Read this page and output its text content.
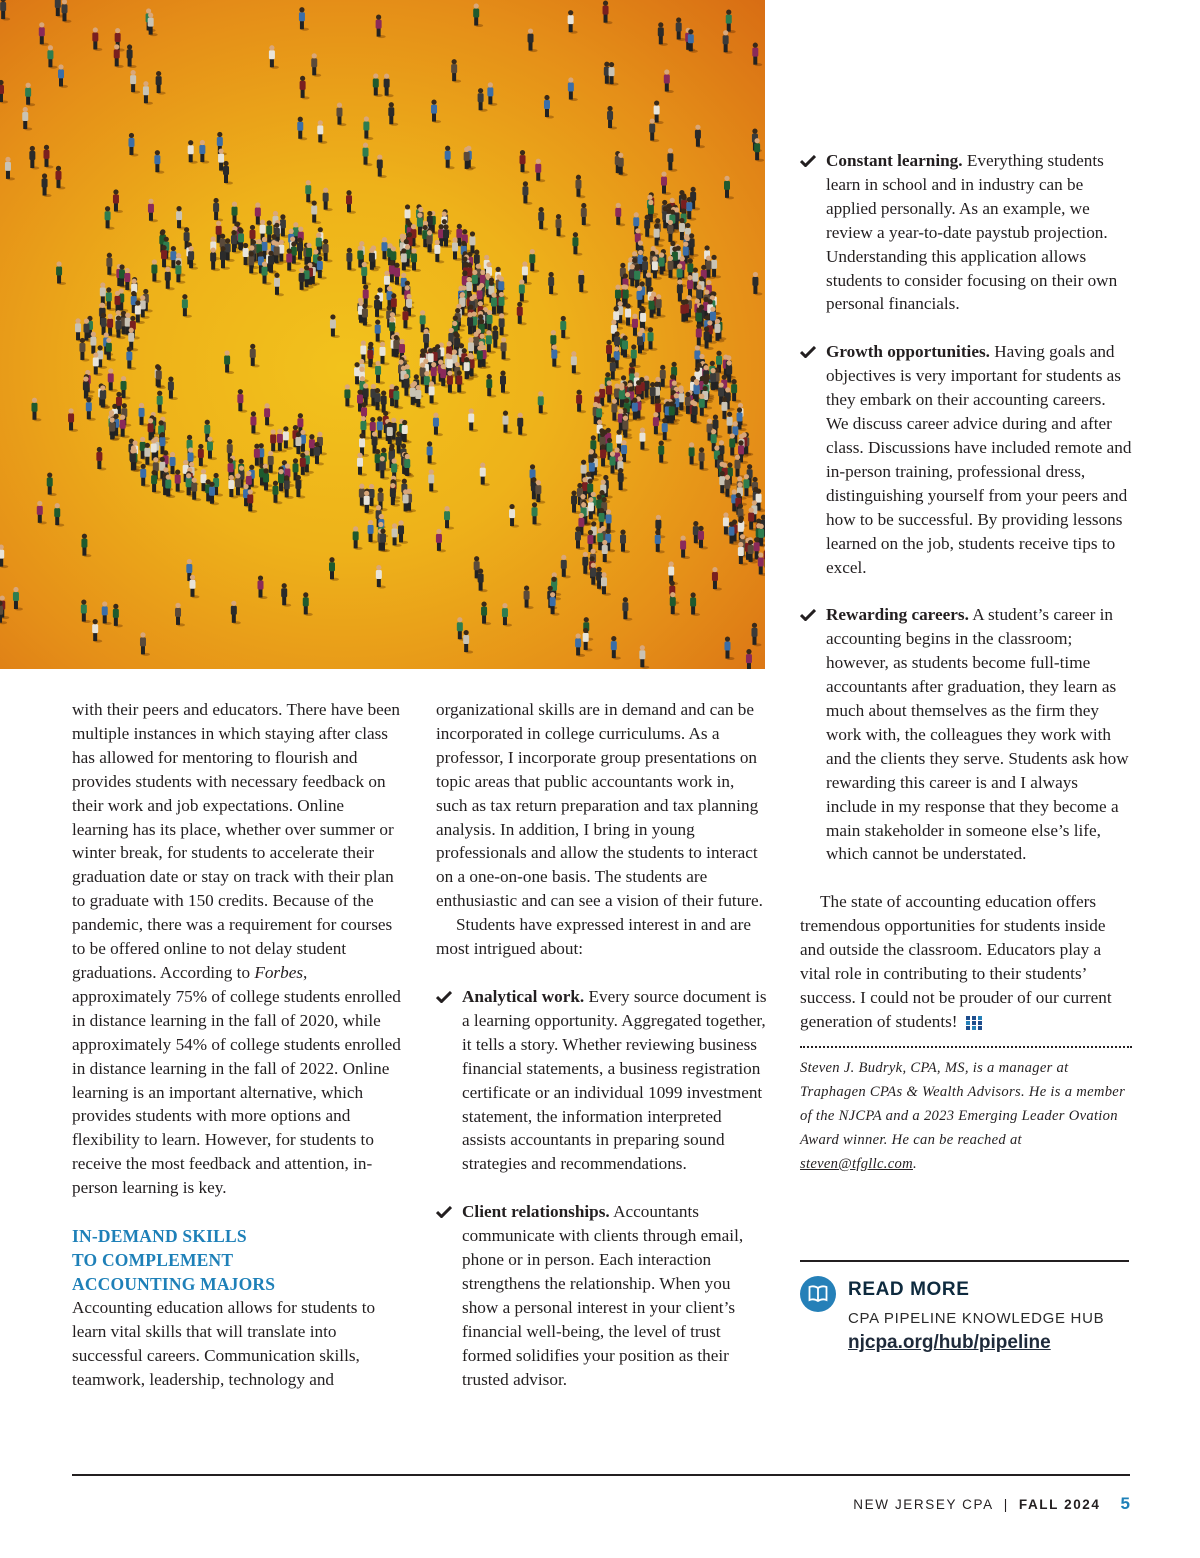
with their peers and educators. There have been multiple instances in which staying after class has allowed for mentoring to flourish and provides students with necessary feedback on their work and job expectations. Online learning has its place, whether over summer or winter break, for students to accelerate their graduation date or stay on track with their plan to graduate with 150 credits. Because of the pandemic, there was a requirement for courses to be offered online to not delay student graduations. According to Forbes, approximately 75% of college students enrolled in distance learning in the fall of 2020, while approximately 54% of college students enrolled in distance learning in the fall of 2022. Online learning is an important alternative, which provides students with more options and flexibility to learn. However, for students to receive the most feedback and attention, in-person learning is key.

IN-DEMAND SKILLS
TO COMPLEMENT
ACCOUNTING MAJORS

Accounting education allows for students to learn vital skills that will translate into successful careers. Communication skills, teamwork, leadership, technology and

organizational skills are in demand and can be incorporated in college curriculums. As a professor, I incorporate group presentations on topic areas that public accountants work in, such as tax return preparation and tax planning analysis. In addition, I bring in young professionals and allow the students to interact on a one-on-one basis. The students are enthusiastic and can see a vision of their future.

Students have expressed interest in and are most intrigued about:

Analytical work. Every source document is a learning opportunity. Aggregated together, it tells a story. Whether reviewing business financial statements, a business registration certificate or an individual 1099 investment statement, the information interpreted assists accountants in preparing sound strategies and recommendations.
Client relationships. Accountants communicate with clients through email, phone or in person. Each interaction strengthens the relationship. When you show a personal interest in your client’s financial well-being, the level of trust formed solidifies your position as their trusted advisor.
Constant learning. Everything students learn in school and in industry can be applied personally. As an example, we review a year-to-date paystub projection. Understanding this application allows students to consider focusing on their own personal financials.
Growth opportunities. Having goals and objectives is very important for students as they embark on their accounting careers. We discuss career advice during and after class. Discussions have included remote and in-person training, professional dress, distinguishing yourself from your peers and how to be successful. By providing lessons learned on the job, students receive tips to excel.
Rewarding careers. A student’s career in accounting begins in the classroom; however, as students become full-time accountants after graduation, they learn as much about themselves as the firm they work with, the colleagues they work with and the clients they serve. Students ask how rewarding this career is and I always include in my response that they become a main stakeholder in someone else’s life, which cannot be understated.

The state of accounting education offers tremendous opportunities for students inside and outside the classroom. Educators play a vital role in contributing to their students’ success. I could not be prouder of our current generation of students!

Steven J. Budryk, CPA, MS, is a manager at Traphagen CPAs & Wealth Advisors. He is a member of the NJCPA and a 2023 Emerging Leader Ovation Award winner. He can be reached at steven@tfgllc.com.
READ MORE
CPA PIPELINE KNOWLEDGE HUB
njcpa.org/hub/pipeline
NEW JERSEY CPA | FALL 2024 5
